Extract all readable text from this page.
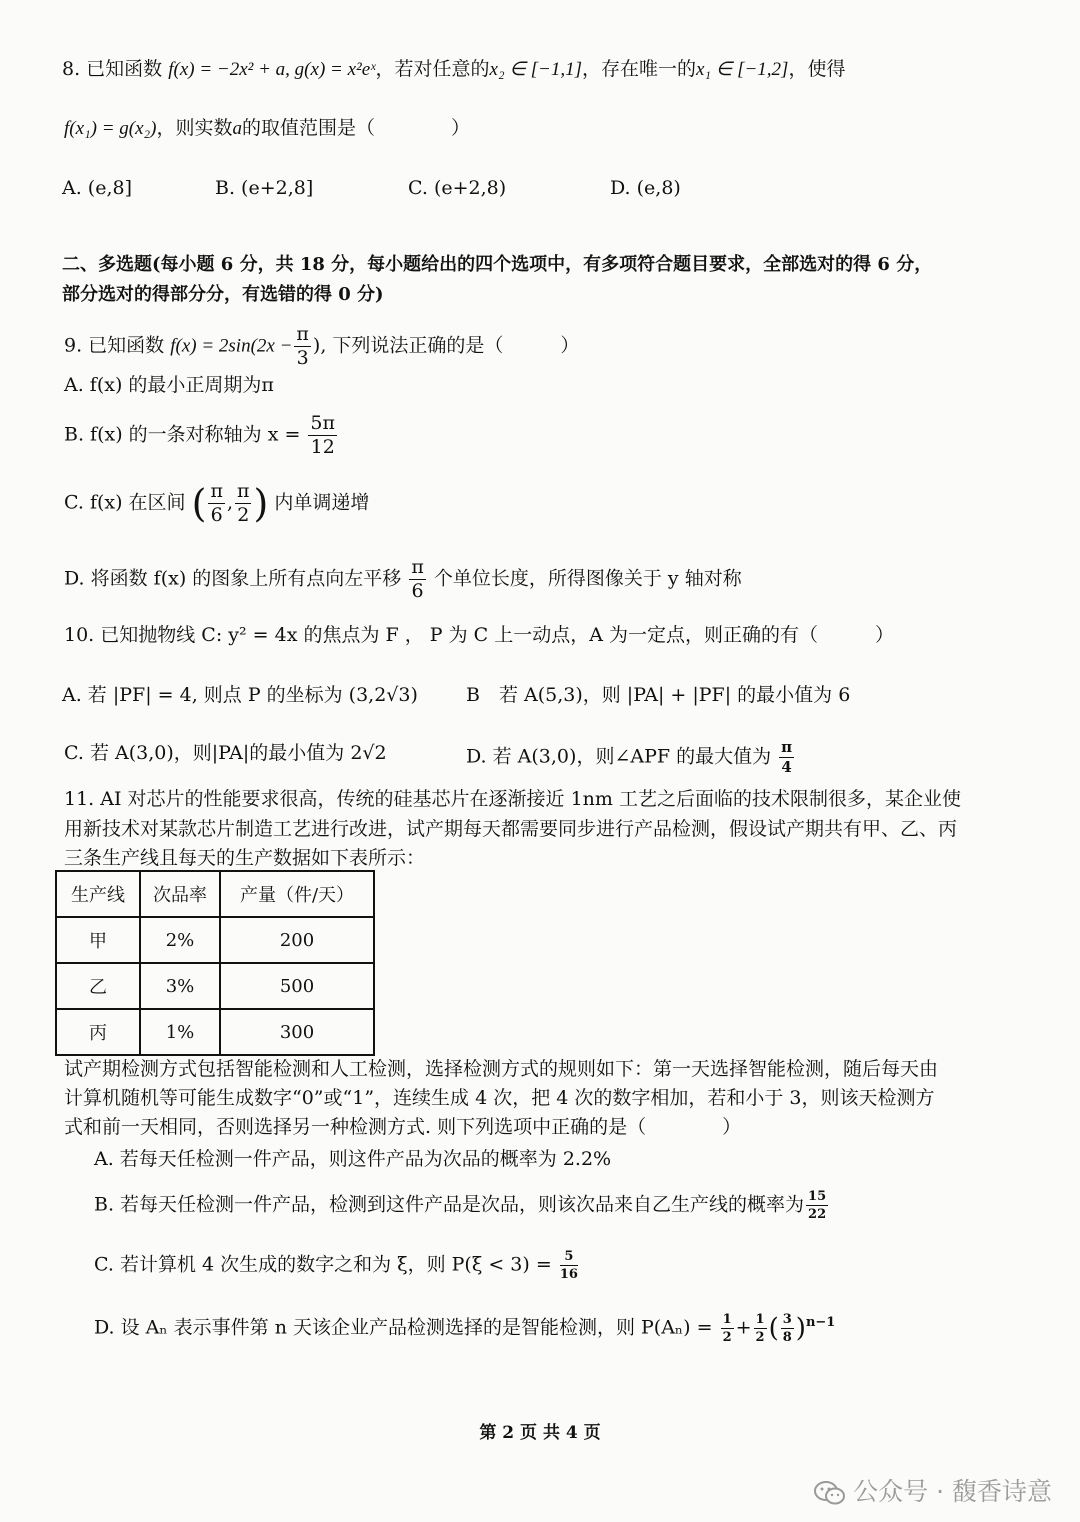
8. 已知函数 f(x) = −2x² + a, g(x) = x²eˣ，若对任意的x₂ ∈ [−1,1]，存在唯一的x₁ ∈ [−1,2]，使得
f(x₁) = g(x₂)，则实数a的取值范围是（　　　　）
A. (e,8]	B. (e+2,8]	C. (e+2,8)	D. (e,8)
二、多选题(每小题 6 分，共 18 分，每小题给出的四个选项中，有多项符合题目要求，全部选对的得 6 分，
部分选对的得部分分，有选错的得 0 分)
9. 已知函数 $f(x) = 2\sin(2x - \frac{\pi}{3}$ ), 下列说法正确的是（　　　）
A. f(x) 的最小正周期为π
B. f(x) 的一条对称轴为 $x = \frac{5\pi}{12}$
C. f(x) 在区间 ( $\frac{\pi}{6}$ , $\frac{\pi}{2}$ ) 内单调递增
D. 将函数 f(x) 的图象上所有点向左平移 $\frac{\pi}{6}$ 个单位长度，所得图像关于 y 轴对称
10. 已知抛物线 C: y² = 4x 的焦点为 F ， P 为 C 上一动点，A 为一定点，则正确的有（　　　）
A. 若 |PF| = 4, 则点 P 的坐标为 (3,2√3)	B　若 A(5,3)，则 |PA| + |PF| 的最小值为 6
C. 若 A(3,0)，则|PA|的最小值为 2√2	D. 若 A(3,0)，则∠APF 的最大值为 $\frac{\pi}{4}$
11. AI 对芯片的性能要求很高，传统的硅基芯片在逐渐接近 1nm 工艺之后面临的技术限制很多，某企业使
用新技术对某款芯片制造工艺进行改进，试产期每天都需要同步进行产品检测，假设试产期共有甲、乙、丙
三条生产线且每天的生产数据如下表所示：
生产线	次品率	产量（件/天）
甲	2%	200
乙	3%	500
丙	1%	300
试产期检测方式包括智能检测和人工检测，选择检测方式的规则如下：第一天选择智能检测，随后每天由
计算机随机等可能生成数字“0”或“1”，连续生成 4 次，把 4 次的数字相加，若和小于 3，则该天检测方
式和前一天相同，否则选择另一种检测方式. 则下列选项中正确的是（　　　　）
A. 若每天任检测一件产品，则这件产品为次品的概率为 2.2%
B. 若每天任检测一件产品，检测到这件产品是次品，则该次品来自乙生产线的概率为 $\frac{15}{22}$
C. 若计算机 4 次生成的数字之和为 ξ，则 $P(\xi < 3) = \frac{5}{16}$
D. 设 Aₙ 表示事件第 n 天该企业产品检测选择的是智能检测，则 $P(A_n) = \frac{1}{2} + \frac{1}{2}$ ( $\frac{3}{8} )^{n-1}$
第 2 页 共 4 页
公众号 · 馥香诗意
